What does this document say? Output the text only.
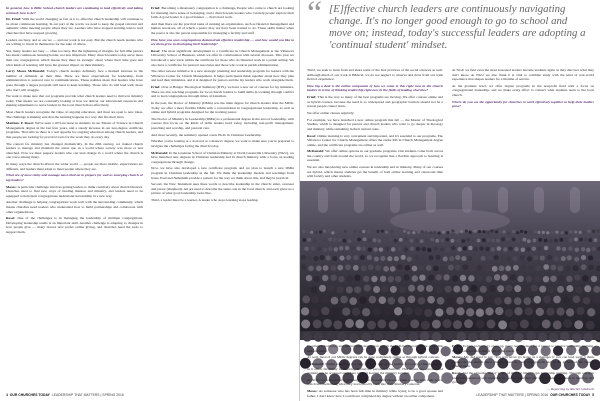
In general, how is Bible School-church leaders are continuing to lead effectively and taking seriously how to be?

Dr. Fried: With the world changing as fast as it is, effective church leadership will continue to be about continuous learning. In our part of the world, we need to keep the gospel relevant and authentic while meeting people where they are. Leaders who have stopped learning tend to lead churches that have stopped growing.

Leaders are busy, and so are we — and our work is not easy. But the church needs leaders who are willing to invest in themselves for the sake of others.

Yes, many leaders are busy — often too busy. But the tightening of margins for full-time pastors has made continuous learning harder, not less important. Many church leaders today serve more than one congregation, which means they must be strategic about where their time goes and what kinds of learning will have the greatest impact on their ministry.

Larry Moses McDonald: Today's church leaders definitely face a marked increase in the number of demands on their time. There are more expectations for leadership, from administration to pastoral care to communications. These realities mean that leaders who have gone through a degree program still need to keep learning. Those who do will lead well; those who don't will struggle.

We want to make sure that our programs provide what church leaders need to thrive in ministry today. That means we are constantly looking at how we deliver our educational resources and making adjustments to serve leaders in the local church more effectively.

Most church leaders recognize the value of ongoing education, and most are open to new ideas. The challenge is making sure that the learning happens in a way that fits their lives.

Matthew F. Rossi: We've seen a 40% increase in students in our Master of Science in Church Management degree in the last four years, and a steady increase in our non-degree certificate programs. That tells us there is a real appetite for ongoing education among church leaders, and that people are looking for practical tools for the work they do every day.

The context for ministry has changed dramatically. In the 20th century, we trained church leaders to manage and maintain the status quo in a world where society was more or less churched. Now we must prepare leaders who can lead change in a world where the church is one voice among many.

In many ways the church reflects the wider world — people are more mobile, expectations are different, and leaders must adapt to meet people where they are.

What are of most sticky and manage most cited on to prepare for well as emerging church or top leaders?

Moses: A particular challenge involves getting leaders to think creatively about church finances. Churches need to find new ways of funding mission and ministry, and leaders need to be equipped to help their congregations understand stewardship in a new way.

Another challenge is helping congregations work well with the surrounding community, which means churches need leaders who understand how to build partnerships and collaborate with other organizations.

Rossi: One of the challenges is in managing the leadership of multiple congregations. Developing leadership teams is an important skill. Another challenge is adapting to changes in how people give — many donors now prefer online giving, and churches need the tools to support them.

Fried: Becoming a missionary congregation is a challenge. People who come to church are looking for meaning and a sense of belonging, and a church needs leaders who can help people explore their faith. A good leader is a good listener — that's hard work.

And then there are the practical tasks of running an organization, such as financial management and human resources, all of which a pastor may not have been trained to do. These skills matter when the pastor is also the person responsible for managing a facility and staff.

How have you seen congregations demonstrate effective leadership — and how would you like to see them grow in developing their leadership?

Rossi: The most significant development is a Certificate in Church Management at the Villanova University School of Business, which we offer in collaboration with several dioceses. This year we introduced a new track within the certificate for those who do financial work in a parish setting. We also have a certificate for pastoral associates and those who work in parish administration.

The other newest initiative is a new strategic planning and leadership program for leaders with the Villanova Center for Church Management. It helps participants think together about how they plan and lead their ministries, and it is designed for pastors and the lay leaders who work alongside them.

Fried: Over at Bangor Theological Seminary (BTS), we have a new set of courses for lay ministers. There are also teaching programs for local church leaders to build skills in working through conflict and to lead congregations through times of transition.

In the past, the Doctor of Ministry (DMin) was the main degree for church leaders after the MDiv. Today we offer a more flexible DMin with a concentration in congregational leadership, as well as online and hybrid programs designed for the working pastor.

The Doctor of Ministry in Leadership (DMin) is a professional degree in the area of leadership, with courses that focus on the kinds of skills leaders need today, including non-profit management, preaching and worship, and pastoral care.

And most recently, the seminary opened a new Ph.D. in Christian Leadership.

Whether you're looking at a doctoral or a master's degree, we want to make sure you're prepared to navigate the challenges facing the church today.

McDonald: In the Graduate School of Christian Ministry at North Greenville University (NGU), we have launched new degrees in Christian leadership and in church ministry with a focus on leading congregations through change.

Now, we have also developed a new certificate program, and we plan to launch a new DMin program in Christian leadership in the fall. We think the leadership models and teachings from Jesus, Paul and Nehemiah provide a pattern for the way we think about this, and they're practical.

Second, the New Testament uses three words to describe leadership in the church: elder, overseer and pastor (shepherd). All are used to describe the same role in the local church, and each gives us a picture of what good leadership looks like.

Third, a leader must be a learner. A leader who stops learning stops leading.

4 OUR CHURCHES TODAY LEADERSHIP THAT MATTERS | SPRING 2016
“ [E]ffective church leaders are continuously navigating change. It's no longer good enough to go to school and move on; instead, today's successful leaders are adopting a 'continual student' mindset.

Third, we seek to learn from and share some of the best practices of the social sciences as well. Although much of our work is Biblical, we do not neglect to observe and draw from our wide field of experience.

How big a deal is the online component of how we come to this right now in the church leaders in terms of thinking leadership right now in the fields of leading churches?

Fried: This is the way so many of the best programs are moving. We offer courses online and as hybrid courses, because the need is so widespread and geographic barriers should not be a reason people cannot learn.

We offer online classes regularly.

For example, we have launched a new online program this fall — the Master of Theological Studies, which is designed for pastors and church leaders who want to go deeper in theology and ministry while remaining in their current roles.

Rossi: Online learning is very convenient and important, and it's essential to our programs. The Villanova Center for Church Management offers the entire MS in Church Management degree online, and the certificate programs are online as well.

McDonald: We offer online options in our graduate programs. Our students come from across the country and from around the world, so we recognize that a flexible approach to learning is essential.

We are also introducing new online courses in leadership and in ministry. Many of our courses are hybrid, which means students get the benefit of both online learning and classroom time with faculty and other students.

At NGU we find even the most seasoned leaders become students again as they discover what they don't know. At NGU we also think it is vital to combine study with the kind of real-world experience that shapes leaders for a lifetime of service.

At the graduate level, we offer degree programs in the nonprofit field with a focus on congregational leadership, and we make every effort to connect what students learn to the local church.

Where do you see the opportunity for churches to work effectively together to help their leaders grow?

Excellent scholarship and instructional instruction within the PhD has become more accessible and attainable.

As well, most of our MDiv degrees can be done completely online or through hybrid courses.

McDonald: Online education is a very strategic part of the picture for today's church leaders, as it offers flexibility for learning around the personal schedules. This means the concentrated training can be accessed anywhere without leaving the ministry location.

At NGU, we have found a growing number of students choose online courses with their peers, which lets them bring what they learn directly back into their ministry contexts.

Moses: As someone who has been full-time in ministry while trying to be a good spouse and father, I don't know how I could have completed my degree without an online component.

Fried: Today's technology opens up many new avenues for a person to receive leadership training. No one should think this is 'out of the reach.'

Moses: My dad used to say, 'You will never go broke as a manager if you can lead well.' I think leaders in the church must always invest in their own growth and in the growth of the people around them.

Rossi: Just the opposite. Today is one of the best times to get leadership training. Through our own programs, seminars and conferences, we see churches and individuals committed to learning and growing.

— Reporting by Rachel Gladwell

LEADERSHIP THAT MATTERS | SPRING 2016 OUR CHURCHES TODAY 5
